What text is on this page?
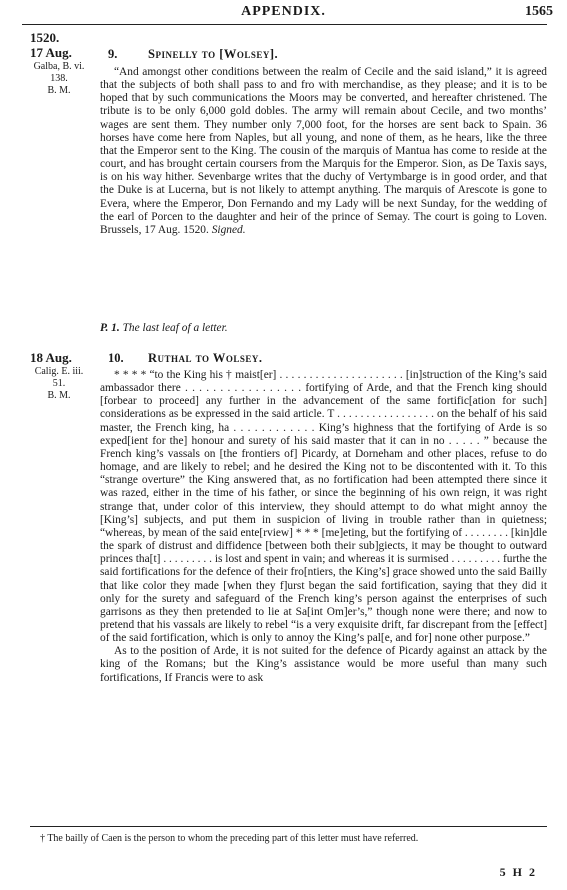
APPENDIX.	1565
1520.
17 Aug.
Galba, B. vi.
138.
B. M.
9. Spinelly to [Wolsey].

“And amongst other conditions between the realm of Cecile and the said island,” it is agreed that the subjects of both shall pass to and fro with merchandise, as they please; and it is to be hoped that by such communications the Moors may be converted, and hereafter christened. The tribute is to be only 6,000 gold dobles. The army will remain about Cecile, and two months’ wages are sent them. They number only 7,000 foot, for the horses are sent back to Spain. 36 horses have come here from Naples, but all young, and none of them, as he hears, like the three that the Emperor sent to the King. The cousin of the marquis of Mantua has come to reside at the court, and has brought certain coursers from the Marquis for the Emperor. Sion, as De Taxis says, is on his way hither. Sevenbarge writes that the duchy of Vertymbarge is in good order, and that the Duke is at Lucerna, but is not likely to attempt anything. The marquis of Arescote is gone to Evera, where the Emperor, Don Fernando and my Lady will be next Sunday, for the wedding of the earl of Porcen to the daughter and heir of the prince of Semay. The court is going to Loven. Brussels, 17 Aug. 1520. Signed.

P. 1. The last leaf of a letter.
18 Aug.
Calig. E. iii.
51.
B. M.
10. Ruthal to Wolsey.

* * * * “to the King his † maist[er] . . . . . . . . . . . . . . . . . . . . . [in]struction of the King’s said ambassador there . . . . . . . . . . . . . . . . . fortifying of Arde, and that the French king should [forbear to proceed] any further in the advancement of the same fortific[ation for such] considerations as be expressed in the said article. T . . . . . . . . . . . . . . . . . on the behalf of his said master, the French king, ha . . . . . . . . . . . . King’s highness that the fortifying of Arde is so exped[ient for the] honour and surety of his said master that it can in no . . . . . ” because the French king’s vassals on [the frontiers of] Picardy, at Dorneham and other places, refuse to do homage, and are likely to rebel; and he desired the King not to be discontented with it. To this “strange overture” the King answered that, as no fortification had been attempted there since it was razed, either in the time of his father, or since the beginning of his own reign, it was right strange that, under color of this interview, they should attempt to do what might annoy the [King’s] subjects, and put them in suspicion of living in trouble rather than in quietness; “whereas, by mean of the said ente[rview] * * * [me]eting, but the fortifying of . . . . . . . . [kin]dle the spark of distrust and diffidence [between both their sub]giects, it may be thought to outward princes tha[t] . . . . . . . . . is lost and spent in vain; and whereas it is surmised . . . . . . . . . furthe the said fortifications for the defence of their fro[ntiers, the King’s] grace showed unto the said Bailly that like color they made [when they f]urst began the said fortification, saying that they did it only for the surety and safeguard of the French king’s person against the enterprises of such garrisons as they then pretended to lie at Sa[int Om]er’s,” though none were there; and now to pretend that his vassals are likely to rebel “is a very exquisite drift, far discrepant from the [effect] of the said fortification, which is only to annoy the King’s pal[e, and for] none other purpose.”

As to the position of Arde, it is not suited for the defence of Picardy against an attack by the king of the Romans; but the King’s assistance would be more useful than many such fortifications, If Francis were to ask

† The bailly of Caen is the person to whom the preceding part of this letter must have referred.
5 H 2
